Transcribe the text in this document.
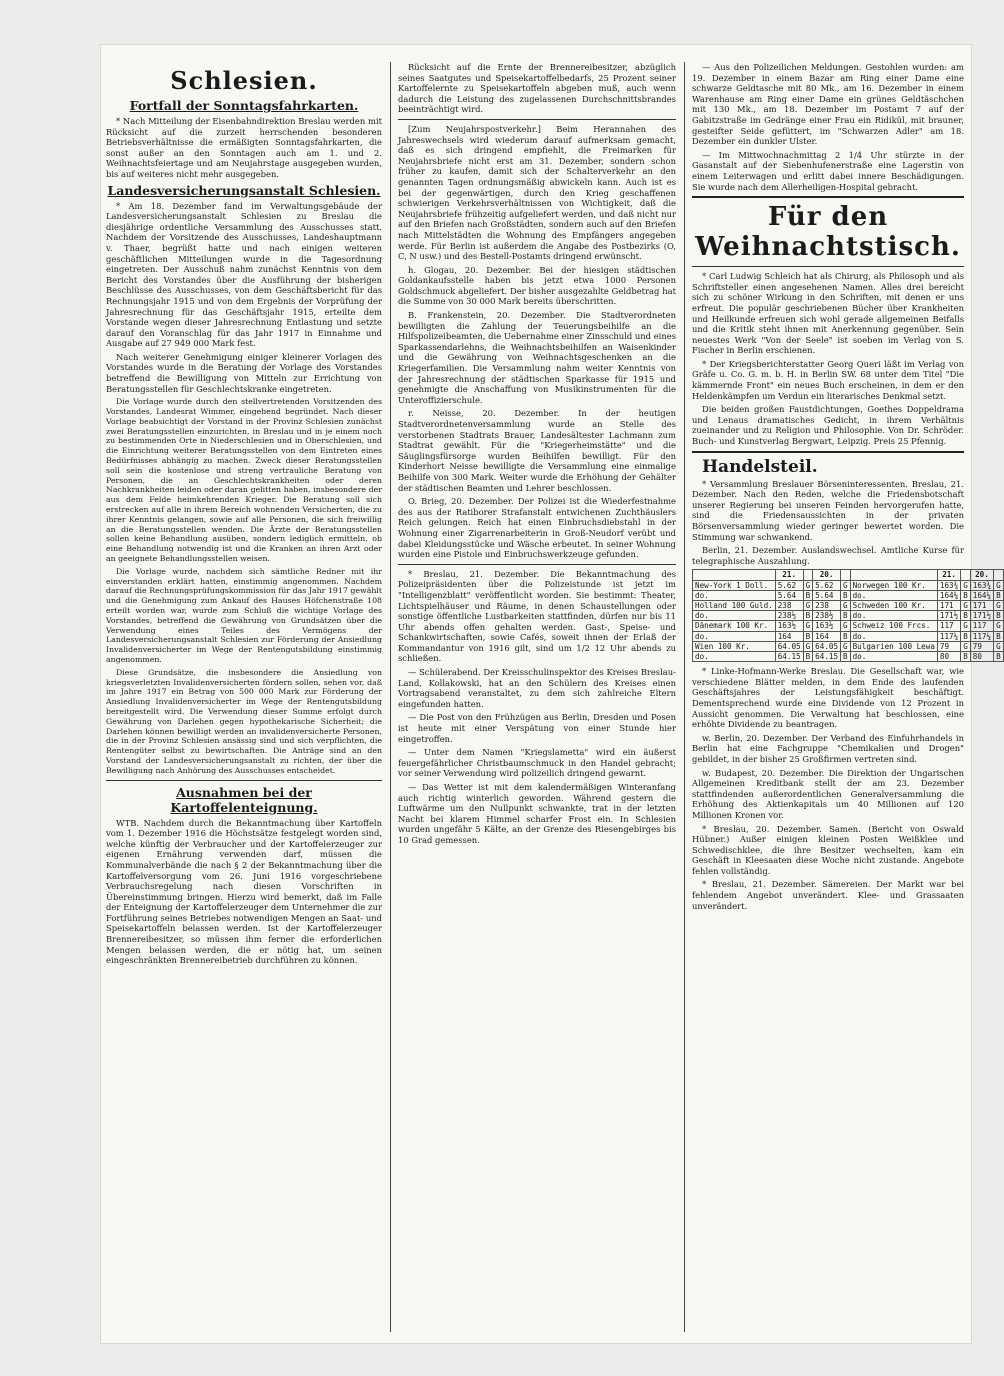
Schlesien.
Fortfall der Sonntagsfahrkarten.

* Nach Mitteilung der Eisenbahndirektion Breslau werden mit Rücksicht auf die zurzeit herrschenden besonderen Betriebsverhältnisse die ermäßigten Sonntagsfahrkarten, die sonst außer an den Sonntagen auch am 1. und 2. Weihnachtsfeiertage und am Neujahrstage ausgegeben wurden, bis auf weiteres nicht mehr ausgegeben.

Landesversicherungsanstalt Schlesien.

* Am 18. Dezember fand im Verwaltungsgebäude der Landesversicherungsanstalt Schlesien zu Breslau die diesjährige ordentliche Versammlung des Ausschusses statt. Nachdem der Vorsitzende des Ausschusses, Landeshauptmann v. Thaer, begrüßt hatte und nach einigen weiteren geschäftlichen Mitteilungen wurde in die Tagesordnung eingetreten. Der Ausschuß nahm zunächst Kenntnis von dem Bericht des Vorstandes über die Ausführung der bisherigen Beschlüsse des Ausschusses, von dem Geschäftsbericht für das Rechnungsjahr 1915 und von dem Ergebnis der Vorprüfung der Jahresrechnung für das Geschäftsjahr 1915, erteilte dem Vorstande wegen dieser Jahresrechnung Entlastung und setzte darauf den Voranschlag für das Jahr 1917 in Einnahme und Ausgabe auf 27 949 000 Mark fest.

Nach weiterer Genehmigung einiger kleinerer Vorlagen des Vorstandes wurde in die Beratung der Vorlage des Vorstandes betreffend die Bewilligung von Mitteln zur Errichtung von Beratungsstellen für Geschlechtskranke eingetreten.

Die Vorlage wurde durch den stellvertretenden Vorsitzenden des Vorstandes, Landesrat Wimmer, eingehend begründet. Nach dieser Vorlage beabsichtigt der Vorstand in der Provinz Schlesien zunächst zwei Beratungsstellen einzurichten, in Breslau und in je einem noch zu bestimmenden Orte in Niederschlesien und in Oberschlesien, und die Einrichtung weiterer Beratungsstellen von dem Eintreten eines Bedürfnisses abhängig zu machen. Zweck dieser Beratungsstellen soll sein die kostenlose und streng vertrauliche Beratung von Personen, die an Geschlechtskrankheiten oder deren Nachkrankheiten leiden oder daran gelitten haben, insbesondere der aus dem Felde heimkehrenden Krieger. Die Beratung soll sich erstrecken auf alle in ihrem Bereich wohnenden Versicherten, die zu ihrer Kenntnis gelangen, sowie auf alle Personen, die sich freiwillig an die Beratungsstellen wenden. Die Ärzte der Beratungsstellen sollen keine Behandlung ausüben, sondern lediglich ermitteln, ob eine Behandlung notwendig ist und die Kranken an ihren Arzt oder an geeignete Behandlungsstellen weisen.

Die Vorlage wurde, nachdem sich sämtliche Redner mit ihr einverstanden erklärt hatten, einstimmig angenommen. Nachdem darauf die Rechnungsprüfungskommission für das Jahr 1917 gewählt und die Genehmigung zum Ankauf des Hauses Höfchenstraße 108 erteilt worden war, wurde zum Schluß die wichtige Vorlage des Vorstandes, betreffend die Gewährung von Grundsätzen über die Verwendung eines Teiles des Vermögens der Landesversicherungsanstalt Schlesien zur Förderung der Ansiedlung Invalidenversicherter im Wege der Rentengutsbildung einstimmig angenommen.

Diese Grundsätze, die insbesondere die Ansiedlung von kriegsverletzten Invalidenversicherten fördern sollen, sehen vor, daß im Jahre 1917 ein Betrag von 500 000 Mark zur Förderung der Ansiedlung Invalidenversicherter im Wege der Rentengutsbildung bereitgestellt wird. Die Verwendung dieser Summe erfolgt durch Gewährung von Darlehen gegen hypothekarische Sicherheit; die Darlehen können bewilligt werden an invalidenversicherte Personen, die in der Provinz Schlesien ansässig sind und sich verpflichten, die Rentengüter selbst zu bewirtschaften. Die Anträge sind an den Vorstand der Landesversicherungsanstalt zu richten, der über die Bewilligung nach Anhörung des Ausschusses entscheidet.

Ausnahmen bei der Kartoffelenteignung.

WTB. Nachdem durch die Bekanntmachung über Kartoffeln vom 1. Dezember 1916 die Höchstsätze festgelegt worden sind, welche künftig der Verbraucher und der Kartoffelerzeuger zur eigenen Ernährung verwenden darf, müssen die Kommunalverbände die nach § 2 der Bekanntmachung über die Kartoffelversorgung vom 26. Juni 1916 vorgeschriebene Verbrauchsregelung nach diesen Vorschriften in Übereinstimmung bringen. Hierzu wird bemerkt, daß im Falle der Enteignung der Kartoffelerzeuger dem Unternehmer die zur Fortführung seines Betriebes notwendigen Mengen an Saat- und Speisekartoffeln belassen werden. Ist der Kartoffelerzeuger Brennereibesitzer, so müssen ihm ferner die erforderlichen Mengen belassen werden, die er nötig hat, um seinen eingeschränkten Brennereibetrieb durchführen zu können.

Rücksicht auf die Ernte der Brennereibesitzer, abzüglich seines Saatgutes und Speisekartoffelbedarfs, 25 Prozent seiner Kartoffelernte zu Speisekartoffeln abgeben muß, auch wenn dadurch die Leistung des zugelassenen Durchschnittsbrandes beeinträchtigt wird.

[Zum Neujahrspostverkehr.] Beim Herannahen des Jahreswechsels wird wiederum darauf aufmerksam gemacht, daß es sich dringend empfiehlt, die Freimarken für Neujahrsbriefe nicht erst am 31. Dezember, sondern schon früher zu kaufen, damit sich der Schalterverkehr an den genannten Tagen ordnungsmäßig abwickeln kann. Auch ist es bei der gegenwärtigen, durch den Krieg geschaffenen schwierigen Verkehrsverhältnissen von Wichtigkeit, daß die Neujahrsbriefe frühzeitig aufgeliefert werden, und daß nicht nur auf den Briefen nach Großstädten, sondern auch auf den Briefen nach Mittelstädten die Wohnung des Empfängers angegeben werde. Für Berlin ist außerdem die Angabe des Postbezirks (O, C, N usw.) und des Bestell-Postamts dringend erwünscht.

h. Glogau, 20. Dezember. Bei der hiesigen städtischen Goldankaufsstelle haben bis jetzt etwa 1000 Personen Goldschmuck abgeliefert. Der bisher ausgezahlte Geldbetrag hat die Summe von 30 000 Mark bereits überschritten.

B. Frankenstein, 20. Dezember. Die Stadtverordneten bewilligten die Zahlung der Teuerungsbeihilfe an die Hilfspolizeibeamten, die Uebernahme einer Zinsschuld und eines Sparkassendarlehns, die Weihnachtsbeihilfen an Waisenkinder und die Gewährung von Weihnachtsgeschenken an die Kriegerfamilien. Die Versammlung nahm weiter Kenntnis von der Jahresrechnung der städtischen Sparkasse für 1915 und genehmigte die Anschaffung von Musikinstrumenten für die Unteroffizierschule.

r. Neisse, 20. Dezember. In der heutigen Stadtverordnetenversammlung wurde an Stelle des verstorbenen Stadtrats Brauer, Landesältester Lachmann zum Stadtrat gewählt. Für die "Kriegerheimstätte" und die Säuglingsfürsorge wurden Beihilfen bewilligt. Für den Kinderhort Neisse bewilligte die Versammlung eine einmalige Beihilfe von 300 Mark. Weiter wurde die Erhöhung der Gehälter der städtischen Beamten und Lehrer beschlossen.

O. Brieg, 20. Dezember. Der Polizei ist die Wiederfestnahme des aus der Ratiborer Strafanstalt entwichenen Zuchthäuslers Reich gelungen. Reich hat einen Einbruchsdiebstahl in der Wohnung einer Zigarrenarbeiterin in Groß-Neudorf verübt und dabei Kleidungsstücke und Wäsche erbeutet. In seiner Wohnung wurden eine Pistole und Einbruchswerkzeuge gefunden.

* Breslau, 21. Dezember. Die Bekanntmachung des Polizeipräsidenten über die Polizeistunde ist jetzt im "Intelligenzblatt" veröffentlicht worden. Sie bestimmt: Theater, Lichtspielhäuser und Räume, in denen Schaustellungen oder sonstige öffentliche Lustbarkeiten stattfinden, dürfen nur bis 11 Uhr abends offen gehalten werden. Gast-, Speise- und Schankwirtschaften, sowie Cafés, soweit ihnen der Erlaß der Kommandantur von 1916 gilt, sind um 1/2 12 Uhr abends zu schließen.

— Schülerabend. Der Kreisschulinspektor des Kreises Breslau-Land, Kollakowski, hat an den Schülern des Kreises einen Vortragsabend veranstaltet, zu dem sich zahlreiche Eltern eingefunden hatten.

— Die Post von den Frühzügen aus Berlin, Dresden und Posen ist heute mit einer Verspätung von einer Stunde hier eingetroffen.

— Unter dem Namen "Kriegslametta" wird ein äußerst feuergefährlicher Christbaumschmuck in den Handel gebracht; vor seiner Verwendung wird polizeilich dringend gewarnt.

— Das Wetter ist mit dem kalendermäßigen Winteranfang auch richtig winterlich geworden. Während gestern die Luftwärme um den Nullpunkt schwankte, trat in der letzten Nacht bei klarem Himmel scharfer Frost ein. In Schlesien wurden ungefähr 5 Kälte, an der Grenze des Riesengebirges bis 10 Grad gemessen.

— Aus den Polizeilichen Meldungen. Gestohlen wurden: am 19. Dezember in einem Bazar am Ring einer Dame eine schwarze Geldtasche mit 80 Mk., am 16. Dezember in einem Warenhause am Ring einer Dame ein grünes Geldtäschchen mit 130 Mk., am 18. Dezember im Postamt 7 auf der Gabitzstraße im Gedränge einer Frau ein Ridikül, mit brauner, gesteifter Seide gefüttert, im "Schwarzen Adler" am 18. Dezember ein dunkler Ulster.

— Im Mittwochnachmittag 2 1/4 Uhr stürzte in der Gasanstalt auf der Siebenhufenerstraße eine Lagerstin von einem Leiterwagen und erlitt dabei innere Beschädigungen. Sie wurde nach dem Allerheiligen-Hospital gebracht.

Für den Weihnachtstisch.

* Carl Ludwig Schleich hat als Chirurg, als Philosoph und als Schriftsteller einen angesehenen Namen. Alles drei bereicht sich zu schöner Wirkung in den Schriften, mit denen er uns erfreut. Die populär geschriebenen Bücher über Krankheiten und Heilkunde erfreuen sich wohl gerade allgemeinen Beifalls und die Kritik steht ihnen mit Anerkennung gegenüber. Sein neuestes Werk "Von der Seele" ist soeben im Verlag von S. Fischer in Berlin erschienen.

* Der Kriegsberichterstatter Georg Queri läßt im Verlag von Gräfe u. Co. G. m. b. H. in Berlin SW. 68 unter dem Titel "Die kämmernde Front" ein neues Buch erscheinen, in dem er den Heldenkämpfen um Verdun ein literarisches Denkmal setzt.

Die beiden großen Faustdichtungen, Goethes Doppeldrama und Lenaus dramatisches Gedicht, in ihrem Verhältnis zueinander und zu Religion und Philosophie. Von Dr. Schröder. Buch- und Kunstverlag Bergwart, Leipzig. Preis 25 Pfennig.

Handelsteil.

* Versammlung Breslauer Börseninteressenten. Breslau, 21. Dezember. Nach den Reden, welche die Friedensbotschaft unserer Regierung bei unseren Feinden hervorgerufen hatte, sind die Friedensaussichten in der privaten Börsenversammlung wieder geringer bewertet worden. Die Stimmung war schwankend.

Berlin, 21. Dezember. Auslandswechsel. Amtliche Kurse für telegraphische Auszahlung.

	21.		20.			21.		20.	
New-York 1 Doll.	5.62	G	5.62	G	Norwegen 100 Kr.	163¾	G	163¾	G
do.	5.64	B	5.64	B	do.	164¼	B	164¼	B
Holland 100 Guld.	238	G	238	G	Schweden 100 Kr.	171	G	171	G
do.	238½	B	238½	B	do.	171½	B	171½	B
Dänemark 100 Kr.	163½	G	163½	G	Schweiz 100 Frcs.	117	G	117	G
do.	164	B	164	B	do.	117¼	B	117¼	B
Wien 100 Kr.	64.05	G	64.05	G	Bulgarien 100 Lewa	79	G	79	G
do.	64.15	B	64.15	B	do.	80	B	80	B

* Linke-Hofmann-Werke Breslau. Die Gesellschaft war, wie verschiedene Blätter melden, in dem Ende des laufenden Geschäftsjahres der Leistungsfähigkeit beschäftigt. Dementsprechend wurde eine Dividende von 12 Prozent in Aussicht genommen. Die Verwaltung hat beschlossen, eine erhöhte Dividende zu beantragen.

w. Berlin, 20. Dezember. Der Verband des Einfuhrhandels in Berlin hat eine Fachgruppe "Chemikalien und Drogen" gebildet, in der bisher 25 Großfirmen vertreten sind.

w. Budapest, 20. Dezember. Die Direktion der Ungarischen Allgemeinen Kreditbank stellt der am 23. Dezember stattfindenden außerordentlichen Generalversammlung die Erhöhung des Aktienkapitals um 40 Millionen auf 120 Millionen Kronen vor.

* Breslau, 20. Dezember. Samen. (Bericht von Oswald Hübner.) Außer einigen kleinen Posten Weißklee und Schwedischklee, die ihre Besitzer wechselten, kam ein Geschäft in Kleesaaten diese Woche nicht zustande. Angebote fehlen vollständig.

* Breslau, 21. Dezember. Sämereien. Der Markt war bei fehlendem Angebot unverändert. Klee- und Grassaaten unverändert.
